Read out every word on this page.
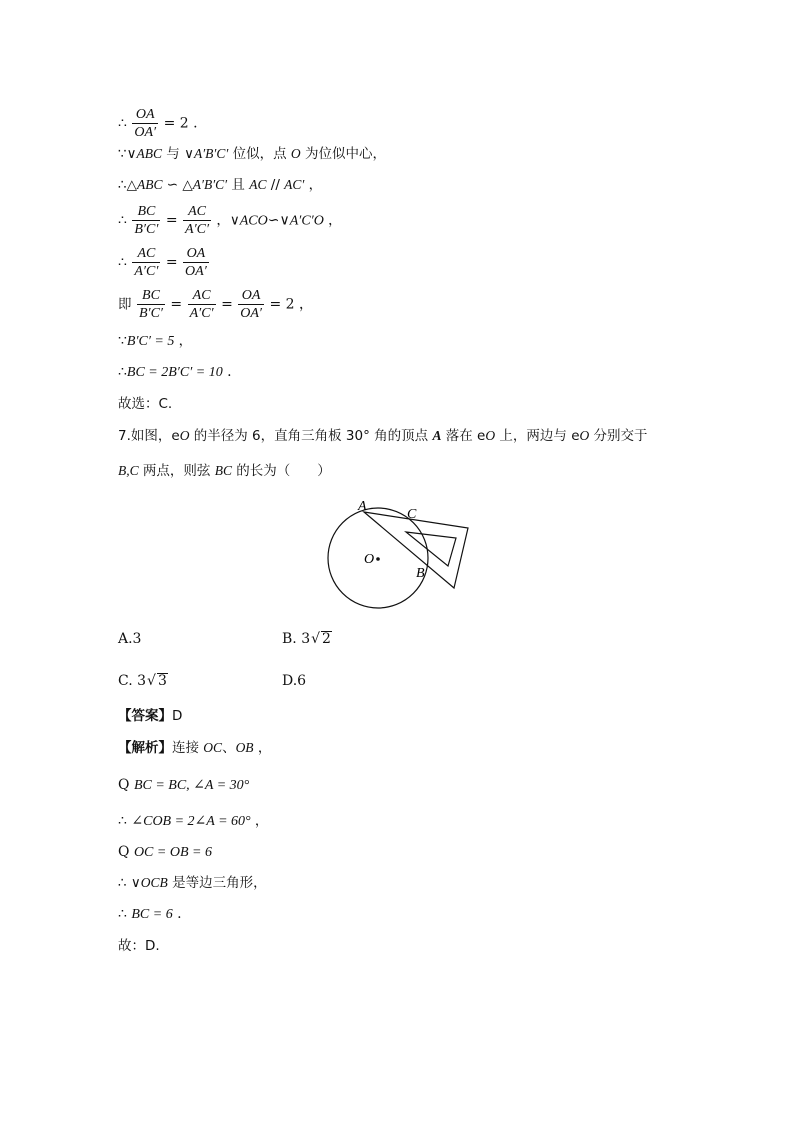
∴ $\frac{OA}{OA'} = 2$ .
∵∨ABC 与 ∨A′B′C′ 位似，点 O 为位似中心，
∴△ABC ∽ △A′B′C′ 且 AC // AC′ ，
∴ $\frac{BC}{B'C'} = \frac{AC}{A'C'}$ ，∨ACO∽∨A′C′O ，
∴ $\frac{AC}{A'C'} = \frac{OA}{OA'}$
即 $\frac{BC}{B'C'} = \frac{AC}{A'C'} = \frac{OA}{OA'} = 2$ ，
∵B′C′ = 5 ，
∴BC = 2B′C′ = 10 .
故选：C.
7.如图，eO 的半径为 6，直角三角板 30° 角的顶点 A 落在 eO 上，两边与 eO 分别交于
B,C 两点，则弦 BC 的长为（　　）
A
C
O
B
A.3	B. 3√ 2
C. 3√ 3	D.6
【答案】D
【解析】连接 OC、OB ，
Q BC = BC, ∠A = 30°
∴ ∠COB = 2∠A = 60° ，
Q OC = OB = 6
∴ ∨OCB 是等边三角形，
∴ BC = 6 .
故：D.
